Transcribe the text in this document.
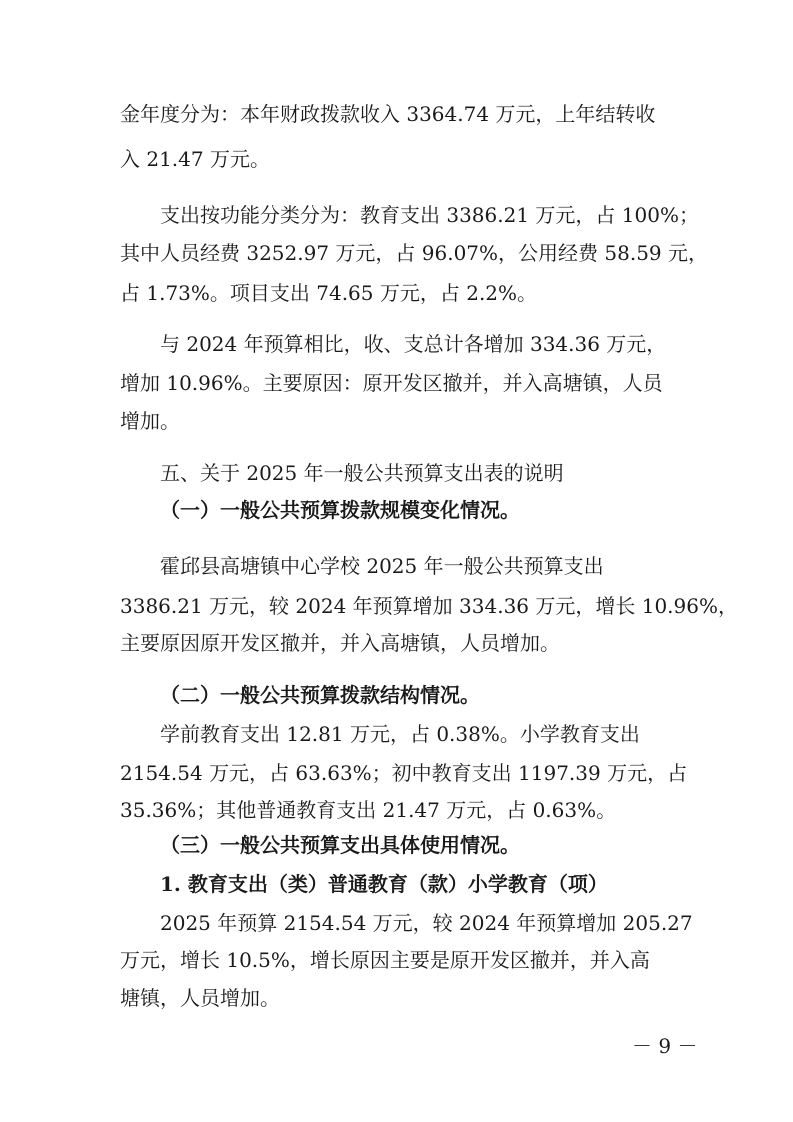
金年度分为：本年财政拨款收入 3364.74 万元，上年结转收
入 21.47 万元。
支出按功能分类分为：教育支出 3386.21 万元，占 100%；
其中人员经费 3252.97 万元，占 96.07%，公用经费 58.59 元，
占 1.73%。项目支出 74.65 万元，占 2.2%。
与 2024 年预算相比，收、支总计各增加 334.36 万元，
增加 10.96%。主要原因：原开发区撤并，并入高塘镇，人员
增加。
五、关于 2025 年一般公共预算支出表的说明
（一）一般公共预算拨款规模变化情况。
霍邱县高塘镇中心学校 2025 年一般公共预算支出
3386.21 万元，较 2024 年预算增加 334.36 万元，增长 10.96%，
主要原因原开发区撤并，并入高塘镇，人员增加。
（二）一般公共预算拨款结构情况。
学前教育支出 12.81 万元，占 0.38%。小学教育支出
2154.54 万元，占 63.63%；初中教育支出 1197.39 万元，占
35.36%；其他普通教育支出 21.47 万元，占 0.63%。
（三）一般公共预算支出具体使用情况。
1. 教育支出（类）普通教育（款）小学教育（项）
2025 年预算 2154.54 万元，较 2024 年预算增加 205.27
万元，增长 10.5%，增长原因主要是原开发区撤并，并入高
塘镇，人员增加。
－ 9 －
